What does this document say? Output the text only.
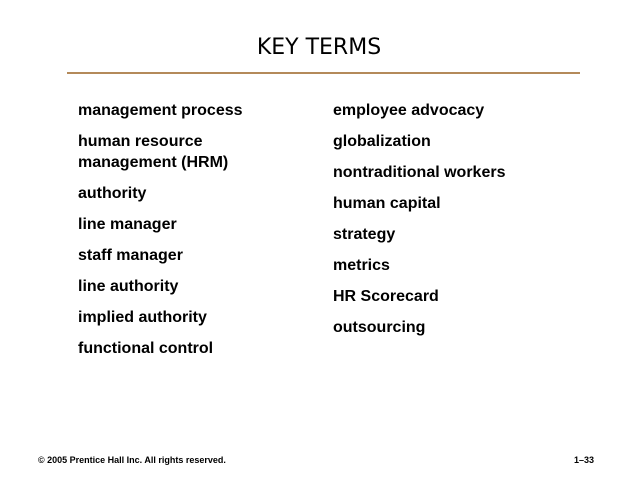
KEY TERMS
management process
human resource
management (HRM)
authority
line manager
staff manager
line authority
implied authority
functional control
employee advocacy
globalization
nontraditional workers
human capital
strategy
metrics
HR Scorecard
outsourcing
© 2005 Prentice Hall Inc. All rights reserved.	1–33
